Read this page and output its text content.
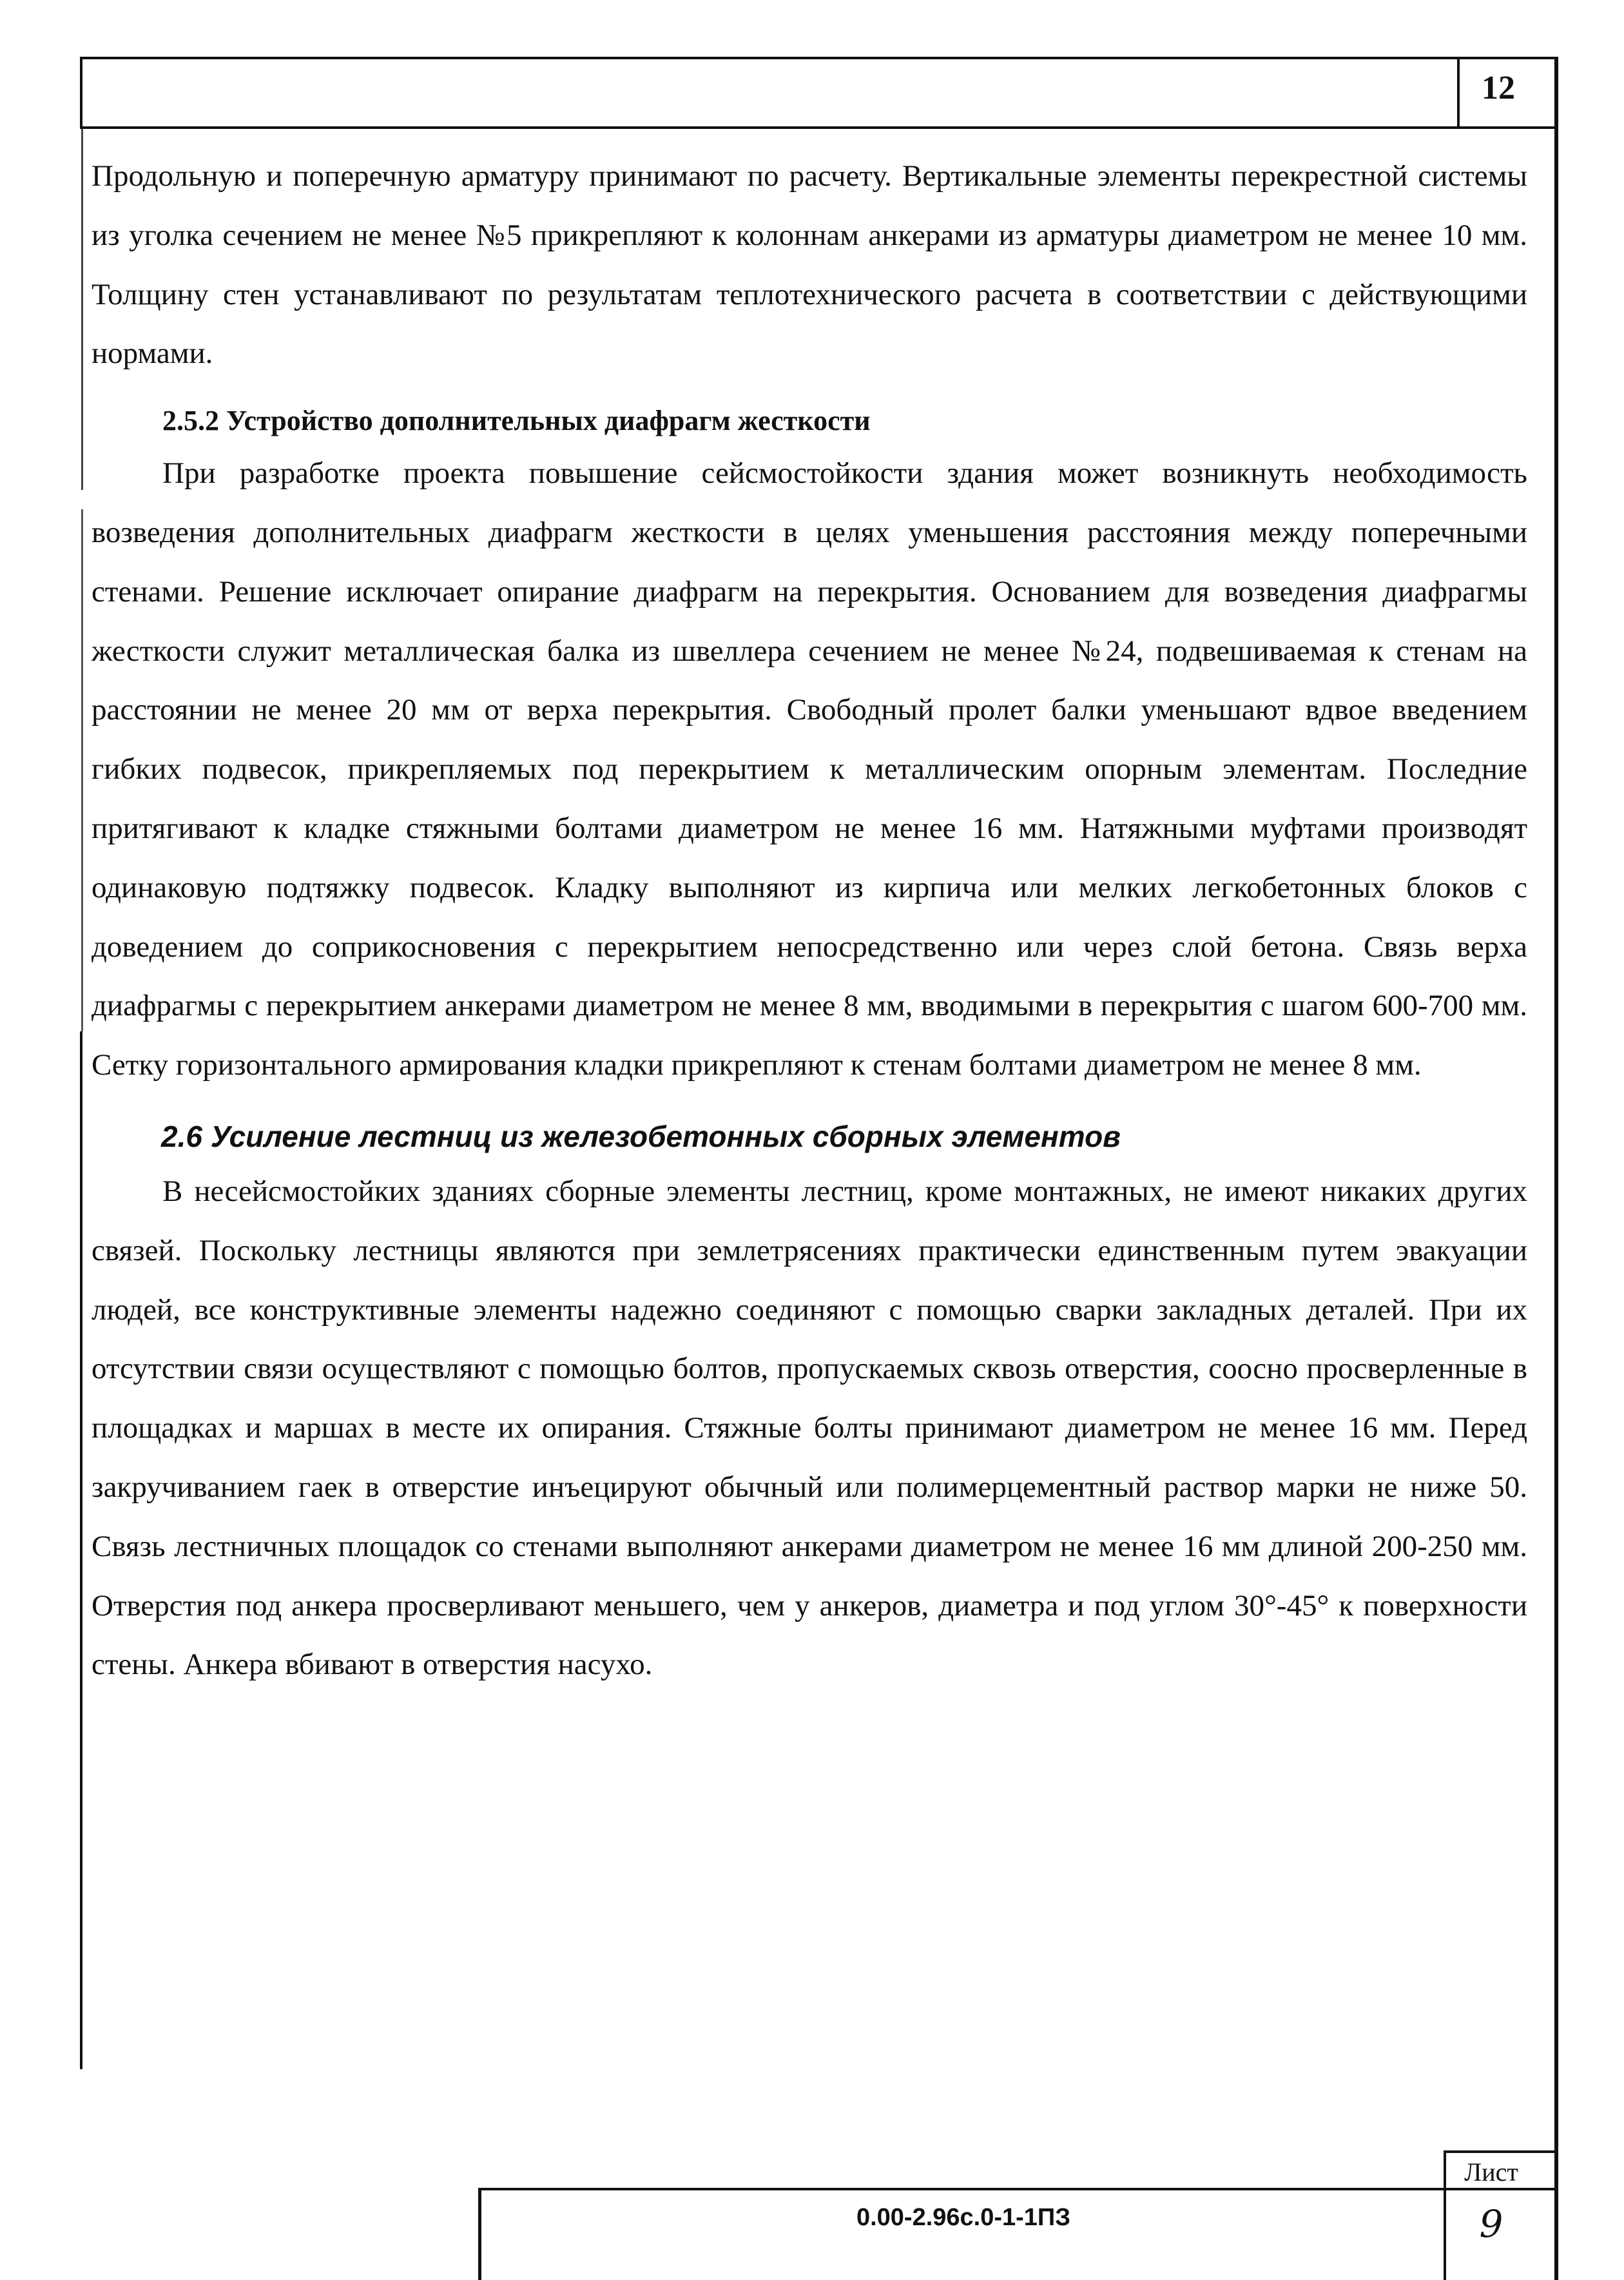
12

Продольную и поперечную арматуру принимают по расчету. Вертикальные элементы перекрестной системы из уголка сечением не менее №5 прикрепляют к колоннам анкерами из арматуры диаметром не менее 10 мм. Толщину стен устанавливают по результатам теплотехнического расчета в соответствии с действующими нормами.

2.5.2 Устройство дополнительных диафрагм жесткости

При разработке проекта повышение сейсмостойкости здания может возникнуть необходимость возведения дополнительных диафрагм жесткости в целях уменьшения расстояния между поперечными стенами. Решение исключает опирание диафрагм на перекрытия. Основанием для возведения диафрагмы жесткости служит металлическая балка из швеллера сечением не менее №24, подвешиваемая к стенам на расстоянии не менее 20 мм от верха перекрытия. Свободный пролет балки уменьшают вдвое введением гибких подвесок, прикрепляемых под перекрытием к металлическим опорным элементам. Последние притягивают к кладке стяжными болтами диаметром не менее 16 мм. Натяжными муфтами производят одинаковую подтяжку подвесок. Кладку выполняют из кирпича или мелких легкобетонных блоков с доведением до соприкосновения с перекрытием непосредственно или через слой бетона. Связь верха диафрагмы с перекрытием анкерами диаметром не менее 8 мм, вводимыми в перекрытия с шагом 600-700 мм. Сетку горизонтального армирования кладки прикрепляют к стенам болтами диаметром не менее 8 мм.

2.6 Усиление лестниц из железобетонных сборных элементов

В несейсмостойких зданиях сборные элементы лестниц, кроме монтажных, не имеют никаких других связей. Поскольку лестницы являются при землетрясениях практически единственным путем эвакуации людей, все конструктивные элементы надежно соединяют с помощью сварки закладных деталей. При их отсутствии связи осуществляют с помощью болтов, пропускаемых сквозь отверстия, соосно просверленные в площадках и маршах в месте их опирания. Стяжные болты принимают диаметром не менее 16 мм. Перед закручиванием гаек в отверстие инъецируют обычный или полимерцементный раствор марки не ниже 50. Связь лестничных площадок со стенами выполняют анкерами диаметром не менее 16 мм длиной 200-250 мм. Отверстия под анкера просверливают меньшего, чем у анкеров, диаметра и под углом 30°-45° к поверхности стены. Анкера вбивают в отверстия насухо.

0.00-2.96с.0-1-1ПЗ
Лист
9
